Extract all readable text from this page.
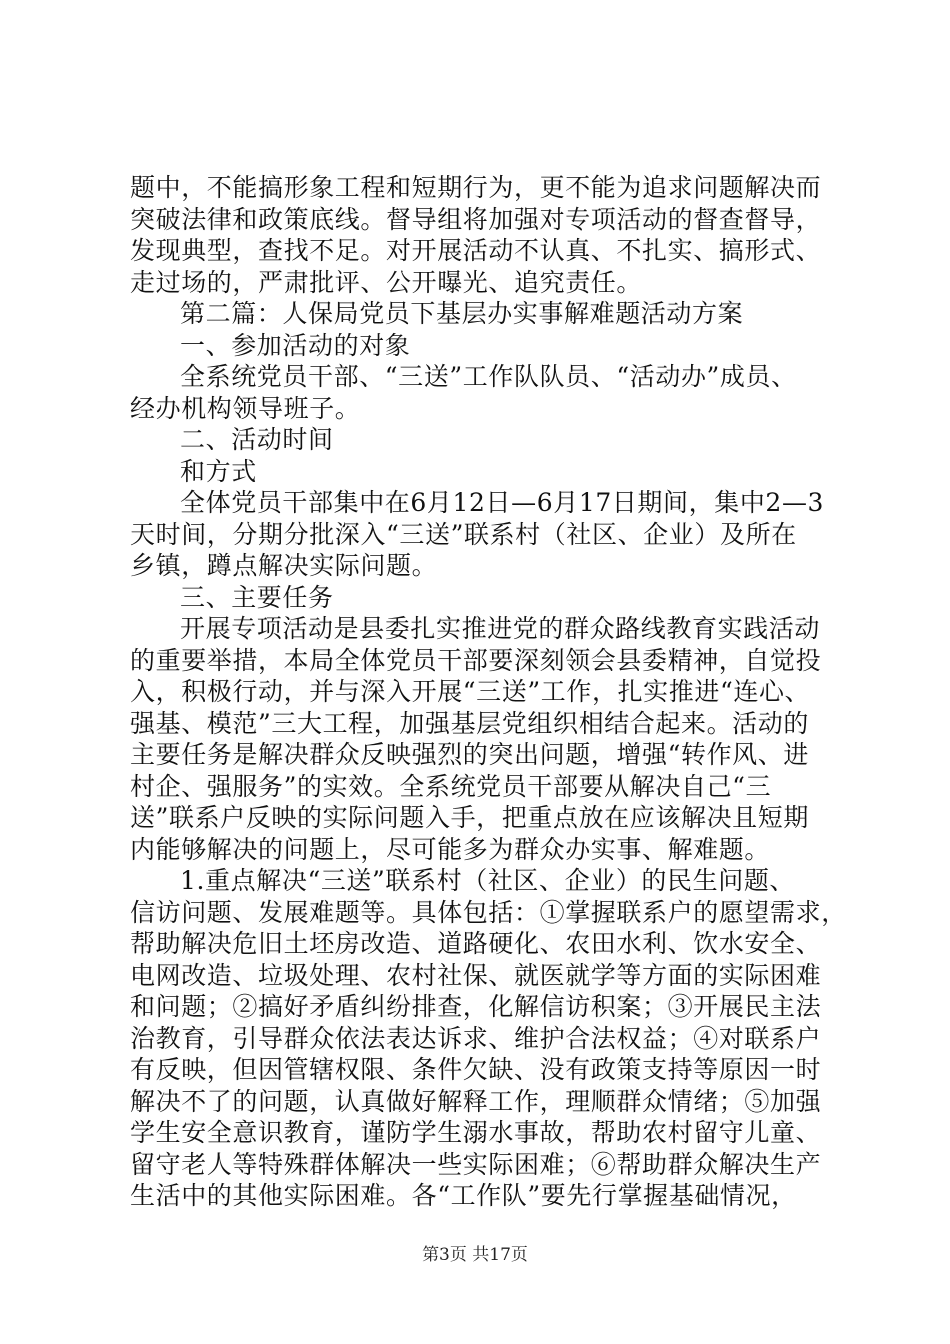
题中，不能搞形象工程和短期行为，更不能为追求问题解决而
突破法律和政策底线。督导组将加强对专项活动的督查督导，
发现典型，查找不足。对开展活动不认真、不扎实、搞形式、
走过场的，严肃批评、公开曝光、追究责任。
第二篇：人保局党员下基层办实事解难题活动方案
一、参加活动的对象
全系统党员干部、“三送”工作队队员、“活动办”成员、
经办机构领导班子。
二、活动时间
和方式
全体党员干部集中在6月12日—6月17日期间，集中2—3
天时间，分期分批深入“三送”联系村（社区、企业）及所在
乡镇，蹲点解决实际问题。
三、主要任务
开展专项活动是县委扎实推进党的群众路线教育实践活动
的重要举措，本局全体党员干部要深刻领会县委精神，自觉投
入，积极行动，并与深入开展“三送”工作，扎实推进“连心、
强基、模范”三大工程，加强基层党组织相结合起来。活动的
主要任务是解决群众反映强烈的突出问题，增强“转作风、进
村企、强服务”的实效。全系统党员干部要从解决自己“三
送”联系户反映的实际问题入手，把重点放在应该解决且短期
内能够解决的问题上，尽可能多为群众办实事、解难题。
1.重点解决“三送”联系村（社区、企业）的民生问题、
信访问题、发展难题等。具体包括：①掌握联系户的愿望需求，
帮助解决危旧土坯房改造、道路硬化、农田水利、饮水安全、
电网改造、垃圾处理、农村社保、就医就学等方面的实际困难
和问题；②搞好矛盾纠纷排查，化解信访积案；③开展民主法
治教育，引导群众依法表达诉求、维护合法权益；④对联系户
有反映，但因管辖权限、条件欠缺、没有政策支持等原因一时
解决不了的问题，认真做好解释工作，理顺群众情绪；⑤加强
学生安全意识教育，谨防学生溺水事故，帮助农村留守儿童、
留守老人等特殊群体解决一些实际困难；⑥帮助群众解决生产
生活中的其他实际困难。各“工作队”要先行掌握基础情况，
第3页 共17页
